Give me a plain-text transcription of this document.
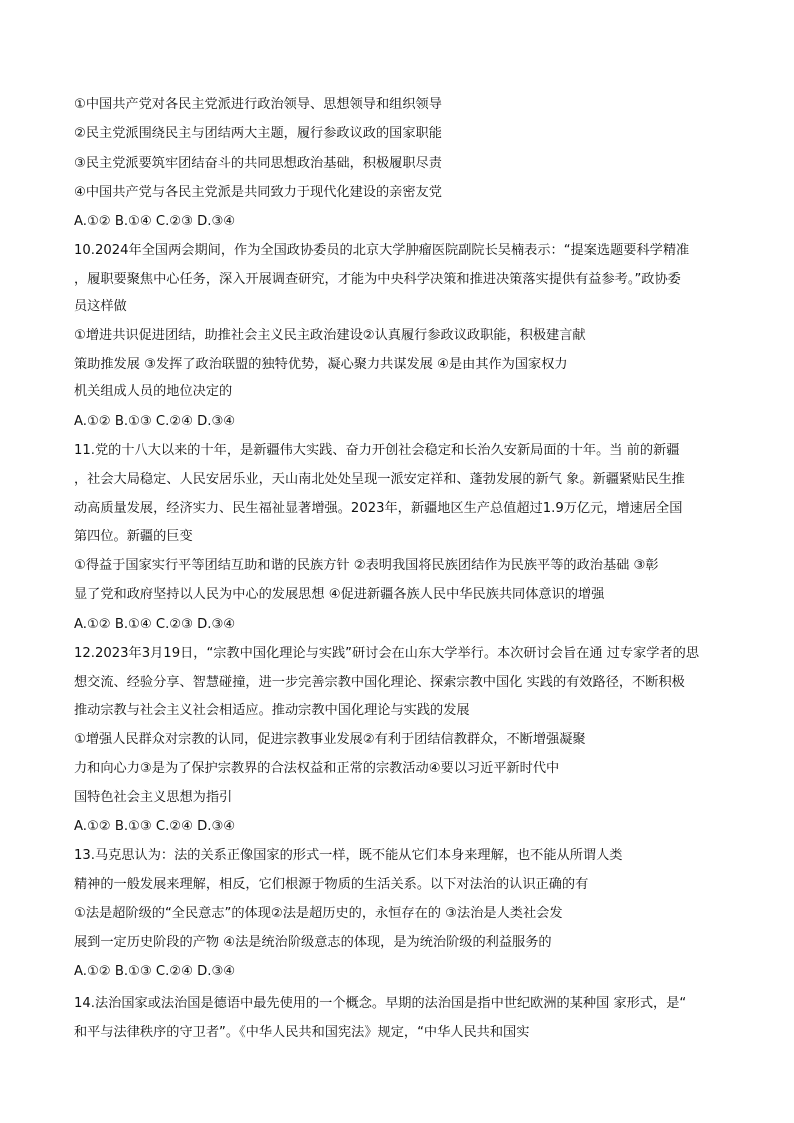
①中国共产党对各民主党派进行政治领导、思想领导和组织领导
②民主党派围绕民主与团结两大主题，履行参政议政的国家职能
③民主党派要筑牢团结奋斗的共同思想政治基础，积极履职尽责
④中国共产党与各民主党派是共同致力于现代化建设的亲密友党
A.①② B.①④ C.②③ D.③④
10.2024年全国两会期间，作为全国政协委员的北京大学肿瘤医院副院长吴楠表示：“提案选题要科学精准
，履职要聚焦中心任务，深入开展调查研究，才能为中央科学决策和推进决策落实提供有益参考。”政协委
员这样做
①增进共识促进团结，助推社会主义民主政治建设②认真履行参政议政职能，积极建言献
策助推发展 ③发挥了政治联盟的独特优势，凝心聚力共谋发展 ④是由其作为国家权力
机关组成人员的地位决定的
A.①② B.①③ C.②④ D.③④
11.党的十八大以来的十年，是新疆伟大实践、奋力开创社会稳定和长治久安新局面的十年。当 前的新疆
，社会大局稳定、人民安居乐业，天山南北处处呈现一派安定祥和、蓬勃发展的新气 象。新疆紧贴民生推
动高质量发展，经济实力、民生福祉显著增强。2023年，新疆地区生产总值超过1.9万亿元，增速居全国
第四位。新疆的巨变
①得益于国家实行平等团结互助和谐的民族方针 ②表明我国将民族团结作为民族平等的政治基础 ③彰
显了党和政府坚持以人民为中心的发展思想 ④促进新疆各族人民中华民族共同体意识的增强
A.①② B.①④ C.②③ D.③④
12.2023年3月19日，“宗教中国化理论与实践”研讨会在山东大学举行。本次研讨会旨在通 过专家学者的思
想交流、经验分享、智慧碰撞，进一步完善宗教中国化理论、探索宗教中国化 实践的有效路径，不断积极
推动宗教与社会主义社会相适应。推动宗教中国化理论与实践的发展
①增强人民群众对宗教的认同，促进宗教事业发展②有利于团结信教群众，不断增强凝聚
力和向心力③是为了保护宗教界的合法权益和正常的宗教活动④要以习近平新时代中
国特色社会主义思想为指引
A.①② B.①③ C.②④ D.③④
13.马克思认为：法的关系正像国家的形式一样，既不能从它们本身来理解，也不能从所谓人类
精神的一般发展来理解，相反，它们根源于物质的生活关系。以下对法治的认识正确的有
①法是超阶级的“全民意志”的体现②法是超历史的，永恒存在的 ③法治是人类社会发
展到一定历史阶段的产物 ④法是统治阶级意志的体现，是为统治阶级的利益服务的
A.①② B.①③ C.②④ D.③④
14.法治国家或法治国是德语中最先使用的一个概念。早期的法治国是指中世纪欧洲的某种国 家形式，是“
和平与法律秩序的守卫者”。《中华人民共和国宪法》规定，“中华人民共和国实
